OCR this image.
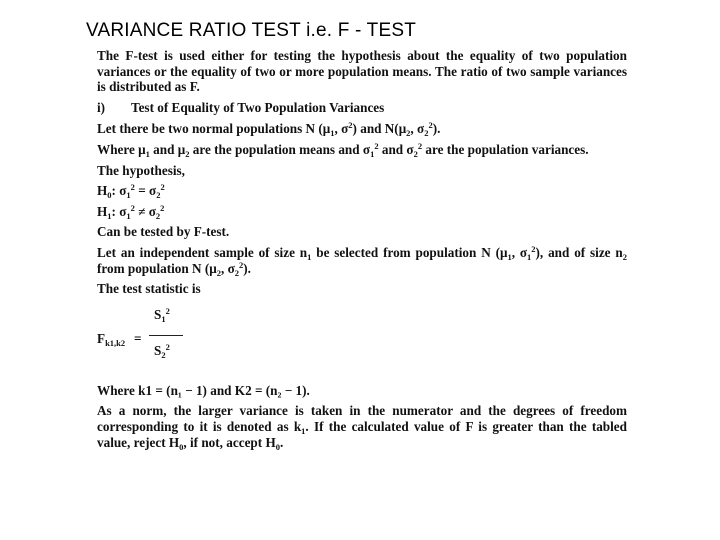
VARIANCE RATIO TEST i.e. F - TEST

The F-test is used either for testing the hypothesis about the equality of two population variances or the equality of two or more population means. The ratio of two sample variances is distributed as F.

i) Test of Equality of Two Population Variances
Let there be two normal populations N ($\mu_1$, $\sigma^2$) and $N(\mu_2$, $\sigma_2^2$).

Where $\mu_1$ and $\mu_2$ are the population means and $\sigma_1^2$ and $\sigma_2^2$ are the population variances.

The hypothesis,
$H_0$: $\sigma_1^2 = \sigma_2^2$
$H_1$: $\sigma_1^2 \ne \sigma_2^2$
Can be tested by F-test.

Let an independent sample of size $n_1$ be selected from population N ($\mu_1$, $\sigma_1^2$), and of size $n_2$ from population N ($\mu_2$, $\sigma_2^2$).

The test statistic is
$F_{k1,k2}$ =
$S_1^2$
$S_2^2$
Where k1 = (n₁ − 1) and K2 = (n₂ − 1).

As a norm, the larger variance is taken in the numerator and the degrees of freedom corresponding to it is denoted as $k_1$. If the calculated value of F is greater than the tabled value, reject $H_0$, if not, accept $H_0$.
